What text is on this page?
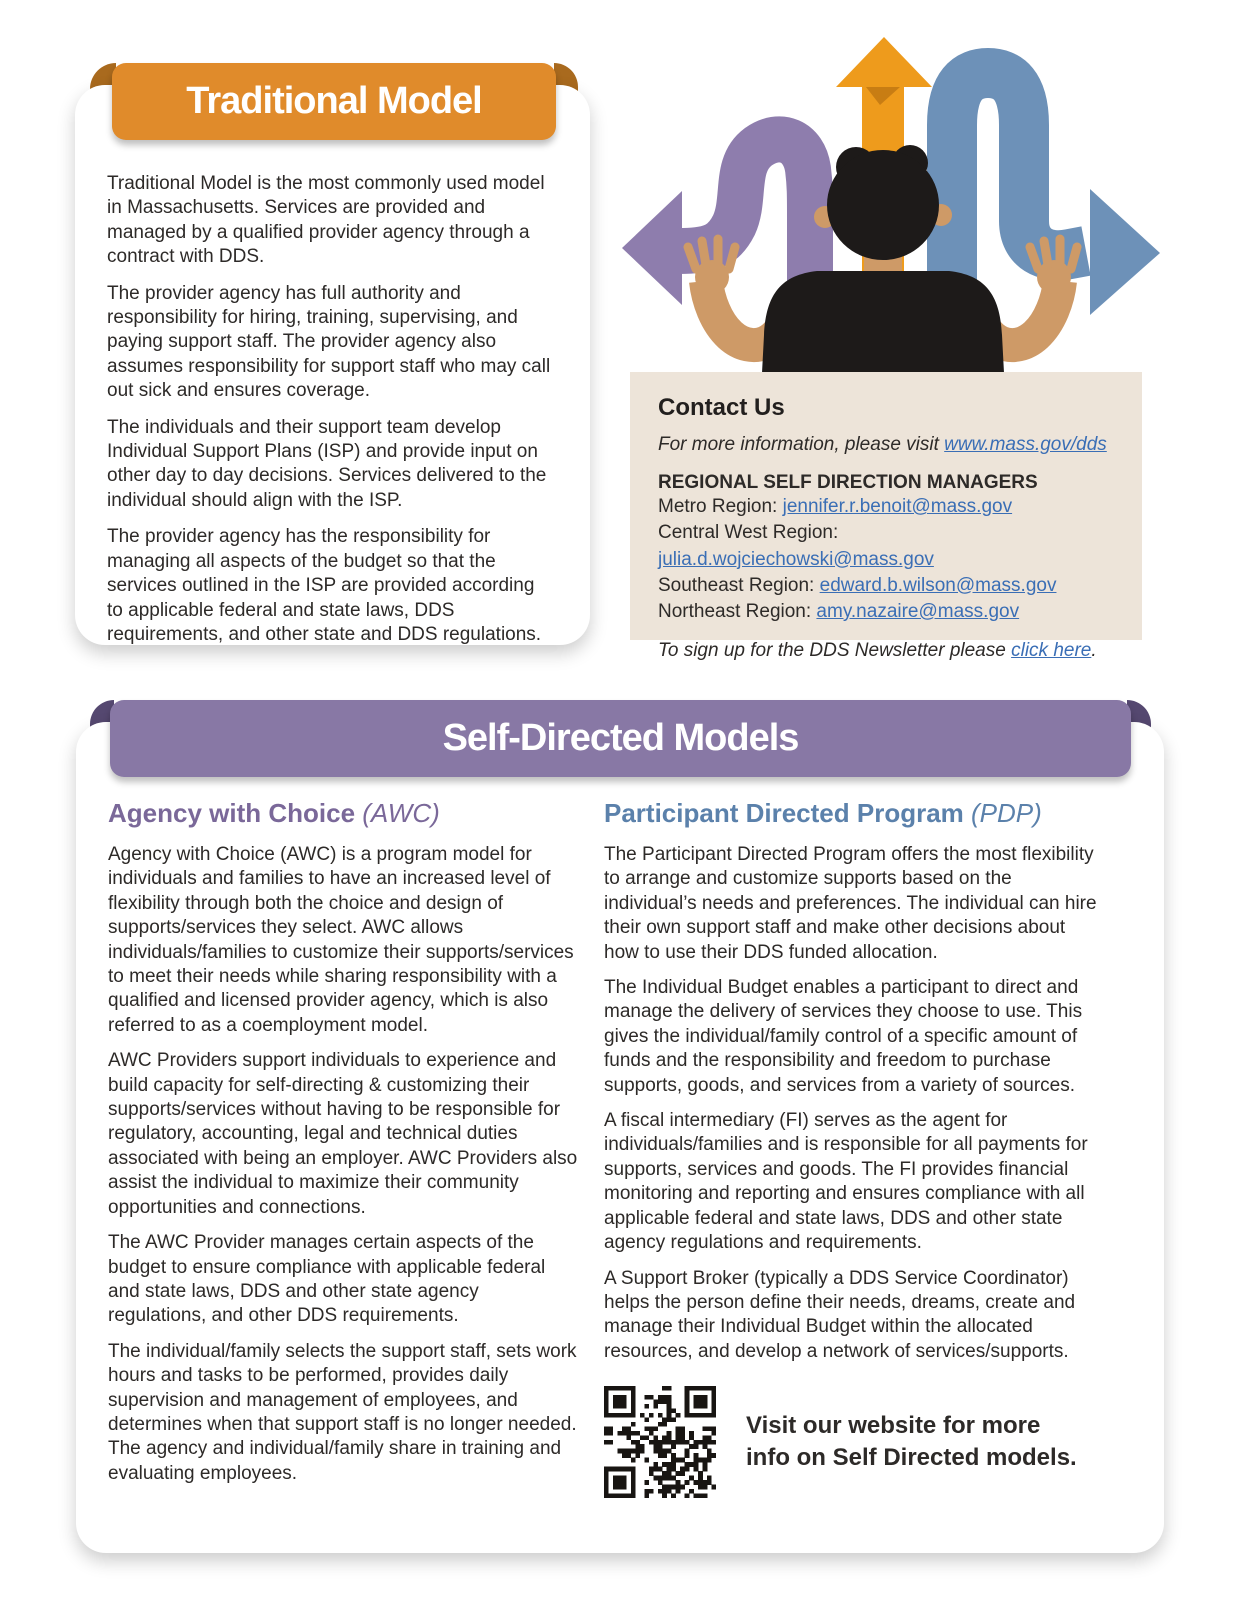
Traditional Model is the most commonly used model in Massachusetts. Services are provided and managed by a qualified provider agency through a contract with DDS.

The provider agency has full authority and responsibility for hiring, training, supervising, and paying support staff. The provider agency also assumes responsibility for support staff who may call out sick and ensures coverage.

The individuals and their support team develop Individual Support Plans (ISP) and provide input on other day to day decisions. Services delivered to the individual should align with the ISP.

The provider agency has the responsibility for managing all aspects of the budget so that the services outlined in the ISP are provided according to applicable federal and state laws, DDS requirements, and other state and DDS regulations.

Traditional Model
Contact Us

For more information, please visit www.mass.gov/dds

REGIONAL SELF DIRECTION MANAGERS

Metro Region: jennifer.r.benoit@mass.gov

Central West Region: julia.d.wojciechowski@mass.gov

Southeast Region: edward.b.wilson@mass.gov

Northeast Region: amy.nazaire@mass.gov

To sign up for the DDS Newsletter please click here.

Agency with Choice (AWC)

Agency with Choice (AWC) is a program model for individuals and families to have an increased level of flexibility through both the choice and design of supports/services they select. AWC allows individuals/families to customize their supports/services to meet their needs while sharing responsibility with a qualified and licensed provider agency, which is also referred to as a coemployment model.

AWC Providers support individuals to experience and build capacity for self-directing & customizing their supports/services without having to be responsible for regulatory, accounting, legal and technical duties associated with being an employer. AWC Providers also assist the individual to maximize their community opportunities and connections.

The AWC Provider manages certain aspects of the budget to ensure compliance with applicable federal and state laws, DDS and other state agency regulations, and other DDS requirements.

The individual/family selects the support staff, sets work hours and tasks to be performed, provides daily supervision and management of employees, and determines when that support staff is no longer needed. The agency and individual/family share in training and evaluating employees.

Participant Directed Program (PDP)

The Participant Directed Program offers the most flexibility to arrange and customize supports based on the individual’s needs and preferences. The individual can hire their own support staff and make other decisions about how to use their DDS funded allocation.

The Individual Budget enables a participant to direct and manage the delivery of services they choose to use. This gives the individual/family control of a specific amount of funds and the responsibility and freedom to purchase supports, goods, and services from a variety of sources.

A fiscal intermediary (FI) serves as the agent for individuals/families and is responsible for all payments for supports, services and goods. The FI provides financial monitoring and reporting and ensures compliance with all applicable federal and state laws, DDS and other state agency regulations and requirements.

A Support Broker (typically a DDS Service Coordinator) helps the person define their needs, dreams, create and manage their Individual Budget within the allocated resources, and develop a network of services/supports.

Visit our website for more info on Self Directed models.
Self-Directed Models
